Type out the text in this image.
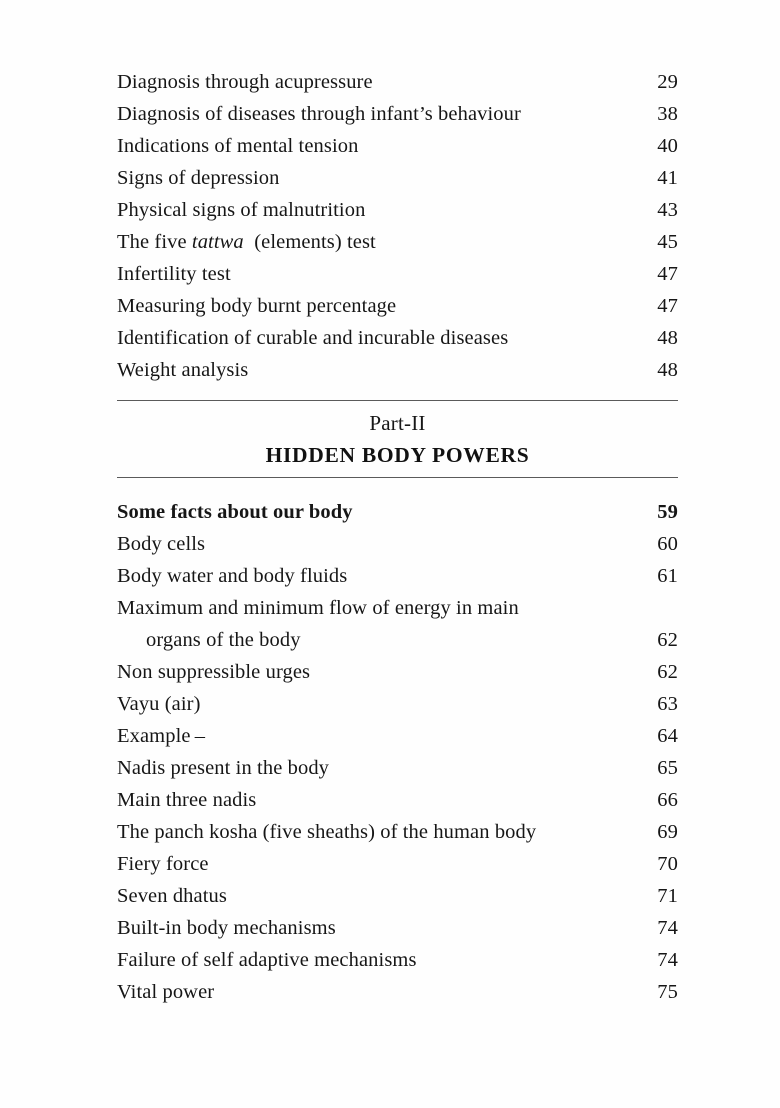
Diagnosis through acupressure	29
Diagnosis of diseases through infant’s behaviour	38
Indications of mental tension	40
Signs of depression	41
Physical signs of malnutrition	43
The five tattwa  (elements) test	45
Infertility test	47
Measuring body burnt percentage	47
Identification of curable and incurable diseases	48
Weight analysis	48
Part-II
HIDDEN BODY POWERS
Some facts about our body	59
Body cells	60
Body water and body fluids	61
Maximum and minimum flow of energy in main
organs of the body	62
Non suppressible urges	62
Vayu (air)	63
Example –	64
Nadis present in the body	65
Main three nadis	66
The panch kosha (five sheaths) of the human body	69
Fiery force	70
Seven dhatus	71
Built-in body mechanisms	74
Failure of self adaptive mechanisms	74
Vital power	75
